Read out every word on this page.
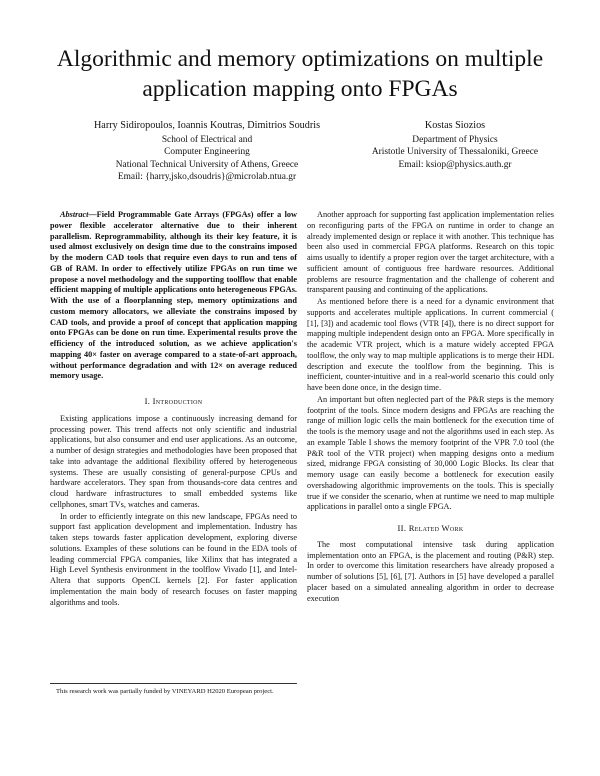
Algorithmic and memory optimizations on multiple
application mapping onto FPGAs
Harry Sidiropoulos, Ioannis Koutras, Dimitrios Soudris
School of Electrical and
Computer Engineering
National Technical University of Athens, Greece
Email: {harry,jsko,dsoudris}@microlab.ntua.gr
Kostas Siozios
Department of Physics
Aristotle University of Thessaloniki, Greece
Email: ksiop@physics.auth.gr

Abstract—Field Programmable Gate Arrays (FPGAs) offer a low power flexible accelerator alternative due to their inherent parallelism. Reprogrammability, although its their key feature, it is used almost exclusively on design time due to the constrains imposed by the modern CAD tools that require even days to run and tens of GB of RAM. In order to effectively utilize FPGAs on run time we propose a novel methodology and the supporting toolflow that enable efficient mapping of multiple applications onto heterogeneous FPGAs. With the use of a floorplanning step, memory optimizations and custom memory allocators, we alleviate the constrains imposed by CAD tools, and provide a proof of concept that application mapping onto FPGAs can be done on run time. Experimental results prove the efficiency of the introduced solution, as we achieve application's mapping 40× faster on average compared to a state-of-art approach, without performance degradation and with 12× on average reduced memory usage.

I. Introduction

Existing applications impose a continuously increasing demand for processing power. This trend affects not only scientific and industrial applications, but also consumer and end user applications. As an outcome, a number of design strategies and methodologies have been proposed that take into advantage the additional flexibility offered by heterogeneous systems. These are usually consisting of general-purpose CPUs and hardware accelerators. They span from thousands-core data centres and cloud hardware infrastructures to small embedded systems like cellphones, smart TVs, watches and cameras.

In order to efficiently integrate on this new landscape, FPGAs need to support fast application development and implementation. Industry has taken steps towards faster application development, exploring diverse solutions. Examples of these solutions can be found in the EDA tools of leading commercial FPGA companies, like Xilinx that has integrated a High Level Synthesis environment in the toolflow Vivado [1], and Intel-Altera that supports OpenCL kernels [2]. For faster application implementation the main body of research focuses on faster mapping algorithms and tools.

This research work was partially funded by VINEYARD H2020 European project.

Another approach for supporting fast application implementation relies on reconfiguring parts of the FPGA on runtime in order to change an already implemented design or replace it with another. This technique has been also used in commercial FPGA platforms. Research on this topic aims usually to identify a proper region over the target architecture, with a sufficient amount of contiguous free hardware resources. Additional problems are resource fragmentation and the challenge of coherent and transparent pausing and continuing of the applications.

As mentioned before there is a need for a dynamic environment that supports and accelerates multiple applications. In current commercial ( [1], [3]) and academic tool flows (VTR [4]), there is no direct support for mapping multiple independent design onto an FPGA. More specifically in the academic VTR project, which is a mature widely accepted FPGA toolflow, the only way to map multiple applications is to merge their HDL description and execute the toolflow from the beginning. This is inefficient, counter-intuitive and in a real-world scenario this could only have been done once, in the design time.

An important but often neglected part of the P&R steps is the memory footprint of the tools. Since modern designs and FPGAs are reaching the range of million logic cells the main bottleneck for the execution time of the tools is the memory usage and not the algorithms used in each step. As an example Table I shows the memory footprint of the VPR 7.0 tool (the P&R tool of the VTR project) when mapping designs onto a medium sized, midrange FPGA consisting of 30,000 Logic Blocks. Its clear that memory usage can easily become a bottleneck for execution easily overshadowing algorithmic improvements on the tools. This is specially true if we consider the scenario, when at runtime we need to map multiple applications in parallel onto a single FPGA.

II. Related Work

The most computational intensive task during application implementation onto an FPGA, is the placement and routing (P&R) step. In order to overcome this limitation researchers have already proposed a number of solutions [5], [6], [7]. Authors in [5] have developed a parallel placer based on a simulated annealing algorithm in order to decrease execution
